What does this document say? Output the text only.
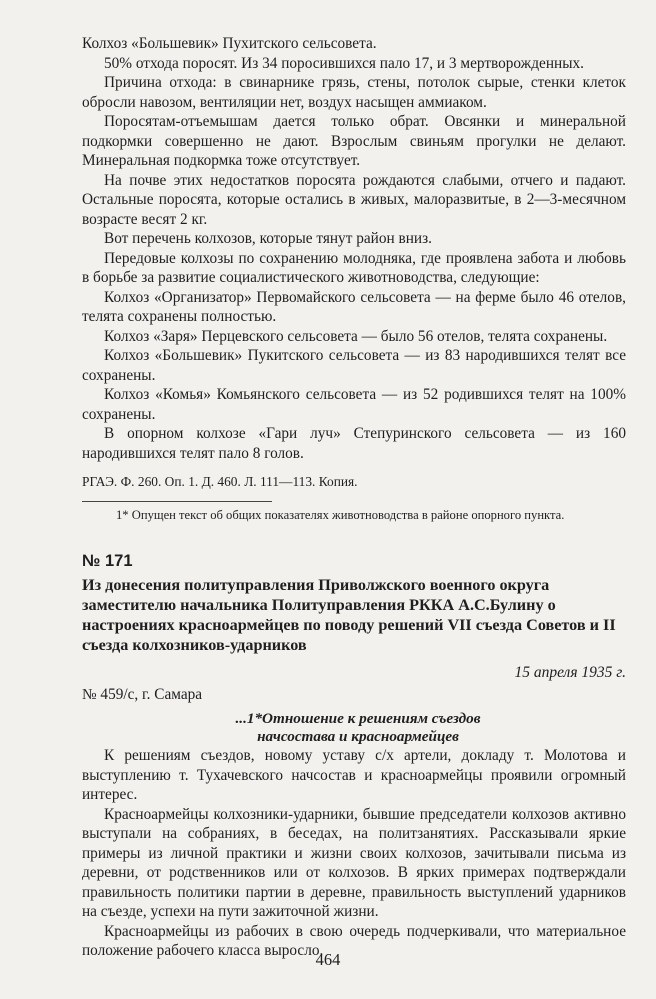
Колхоз «Большевик» Пухитского сельсовета.

50% отхода поросят. Из 34 поросившихся пало 17, и 3 мертворожденных.

Причина отхода: в свинарнике грязь, стены, потолок сырые, стенки клеток обросли навозом, вентиляции нет, воздух насыщен аммиаком.

Поросятам-отъемышам дается только обрат. Овсянки и минеральной подкормки совершенно не дают. Взрослым свиньям прогулки не делают. Минеральная подкормка тоже отсутствует.

На почве этих недостатков поросята рождаются слабыми, отчего и падают. Остальные поросята, которые остались в живых, малоразвитые, в 2—3-месячном возрасте весят 2 кг.

Вот перечень колхозов, которые тянут район вниз.

Передовые колхозы по сохранению молодняка, где проявлена забота и любовь в борьбе за развитие социалистического животноводства, следующие:

Колхоз «Организатор» Первомайского сельсовета — на ферме было 46 отелов, телята сохранены полностью.

Колхоз «Заря» Перцевского сельсовета — было 56 отелов, телята сохранены.

Колхоз «Большевик» Пукитского сельсовета — из 83 народившихся телят все сохранены.

Колхоз «Комья» Комьянского сельсовета — из 52 родившихся телят на 100% сохранены.

В опорном колхозе «Гари луч» Степуринского сельсовета — из 160 народившихся телят пало 8 голов.

РГАЭ. Ф. 260. Оп. 1. Д. 460. Л. 111—113. Копия.

1* Опущен текст об общих показателях животноводства в районе опорного пункта.

№ 171
Из донесения политуправления Приволжского военного округа заместителю начальника Политуправления РККА А.С.Булину о настроениях красноармейцев по поводу решений VII съезда Советов и II съезда колхозников-ударников
15 апреля 1935 г.
№ 459/с, г. Самара
...1*Отношение к решениям съездов
начсостава и красноармейцев

К решениям съездов, новому уставу с/х артели, докладу т. Молотова и выступлению т. Тухачевского начсостав и красноармейцы проявили огромный интерес.

Красноармейцы колхозники-ударники, бывшие председатели колхозов активно выступали на собраниях, в беседах, на политзанятиях. Рассказывали яркие примеры из личной практики и жизни своих колхозов, зачитывали письма из деревни, от родственников или от колхозов. В ярких примерах подтверждали правильность политики партии в деревне, правильность выступлений ударников на съезде, успехи на пути зажиточной жизни.

Красноармейцы из рабочих в свою очередь подчеркивали, что материальное положение рабочего класса выросло.

464
